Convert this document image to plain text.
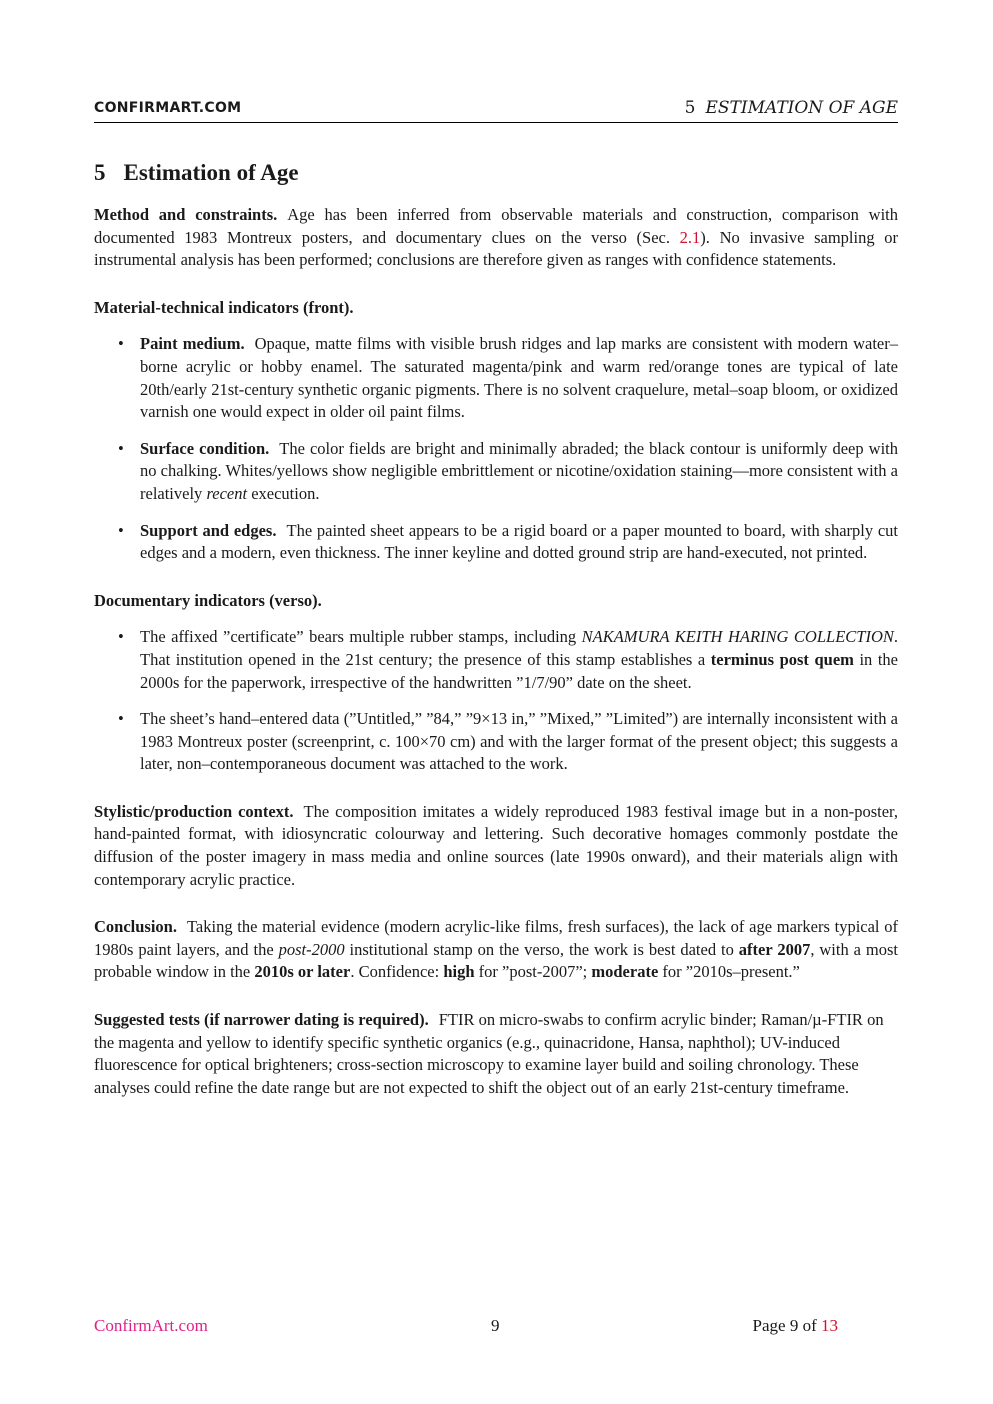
CONFIRMART.COM	5 ESTIMATION OF AGE
5 Estimation of Age

Method and constraints. Age has been inferred from observable materials and construction, comparison with documented 1983 Montreux posters, and documentary clues on the verso (Sec. 2.1). No invasive sampling or instrumental analysis has been performed; conclusions are therefore given as ranges with confidence statements.

Material-technical indicators (front).
• Paint medium. Opaque, matte films with visible brush ridges and lap marks are consistent with modern water–borne acrylic or hobby enamel. The saturated magenta/pink and warm red/orange tones are typical of late 20th/early 21st-century synthetic organic pigments. There is no solvent craquelure, metal–soap bloom, or oxidized varnish one would expect in older oil paint films.
• Surface condition. The color fields are bright and minimally abraded; the black contour is uniformly deep with no chalking. Whites/yellows show negligible embrittlement or nicotine/oxidation staining—more consistent with a relatively recent execution.
• Support and edges. The painted sheet appears to be a rigid board or a paper mounted to board, with sharply cut edges and a modern, even thickness. The inner keyline and dotted ground strip are hand-executed, not printed.
Documentary indicators (verso).
• The affixed ”certificate” bears multiple rubber stamps, including NAKAMURA KEITH HARING COLLECTION. That institution opened in the 21st century; the presence of this stamp establishes a terminus post quem in the 2000s for the paperwork, irrespective of the handwritten ”1/7/90” date on the sheet.
• The sheet’s hand–entered data (”Untitled,” ”84,” ”9×13 in,” ”Mixed,” ”Limited”) are internally inconsistent with a 1983 Montreux poster (screenprint, c. 100×70 cm) and with the larger format of the present object; this suggests a later, non–contemporaneous document was attached to the work.

Stylistic/production context. The composition imitates a widely reproduced 1983 festival image but in a non-poster, hand-painted format, with idiosyncratic colourway and lettering. Such decorative homages commonly postdate the diffusion of the poster imagery in mass media and online sources (late 1990s onward), and their materials align with contemporary acrylic practice.

Conclusion. Taking the material evidence (modern acrylic-like films, fresh surfaces), the lack of age markers typical of 1980s paint layers, and the post-2000 institutional stamp on the verso, the work is best dated to after 2007, with a most probable window in the 2010s or later. Confidence: high for ”post-2007”; moderate for ”2010s–present.”

Suggested tests (if narrower dating is required). FTIR on micro-swabs to confirm acrylic binder; Raman/µ-FTIR on the magenta and yellow to identify specific synthetic organics (e.g., quinacridone, Hansa, naphthol); UV-induced fluorescence for optical brighteners; cross-section microscopy to examine layer build and soiling chronology. These analyses could refine the date range but are not expected to shift the object out of an early 21st-century timeframe.

ConfirmArt.com	9	Page 9 of 13
